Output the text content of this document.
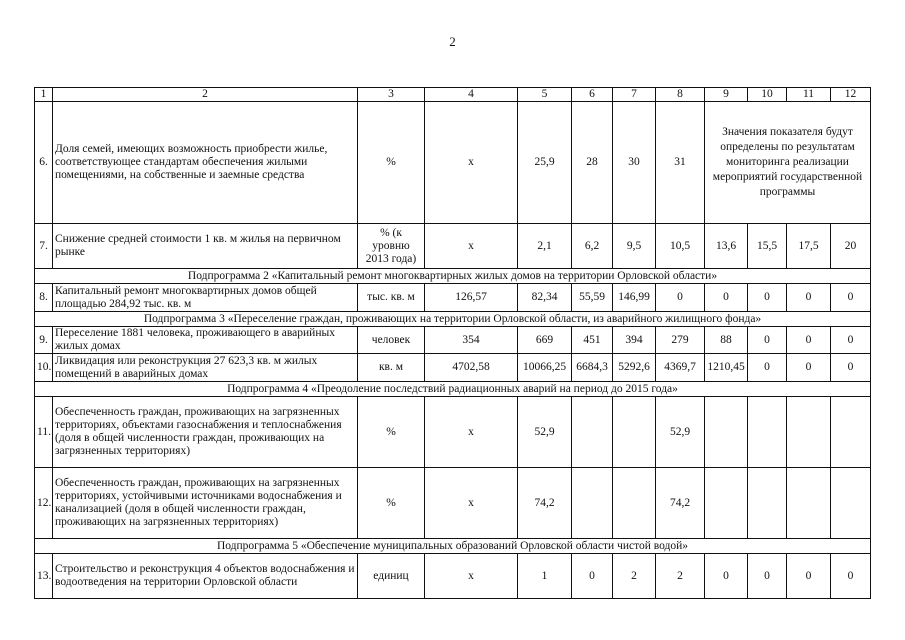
2
1	2	3	4	5	6	7	8	9	10	11	12
6.	Доля семей, имеющих возможность приобрести жилье, соответствующее стандартам обеспечения жилыми помещениями, на собственные и заемные средства	%	х	25,9	28	30	31	Значения показателя будут определены по результатам мониторинга реализации мероприятий государственной программы			
7.	Снижение средней стоимости 1 кв. м жилья на первичном рынке	% (к уровню 2013 года)	х	2,1	6,2	9,5	10,5	13,6	15,5	17,5	20
Подпрограмма 2 «Капитальный ремонт многоквартирных жилых домов на территории Орловской области»											
8.	Капитальный ремонт многоквартирных домов общей площадью 284,92 тыс. кв. м	тыс. кв. м	126,57	82,34	55,59	146,99	0	0	0	0	0
Подпрограмма 3 «Переселение граждан, проживающих на территории Орловской области, из аварийного жилищного фонда»											
9.	Переселение 1881 человека, проживающего в аварийных жилых домах	человек	354	669	451	394	279	88	0	0	0
10.	Ликвидация или реконструкция 27 623,3 кв. м жилых помещений в аварийных домах	кв. м	4702,58	10066,25	6684,3	5292,6	4369,7	1210,45	0	0	0
Подпрограмма 4 «Преодоление последствий радиационных аварий на период до 2015 года»											
11.	Обеспеченность граждан, проживающих на загрязненных территориях, объектами газоснабжения и теплоснабжения (доля в общей численности граждан, проживающих на загрязненных территориях)	%	х	52,9			52,9				
12.	Обеспеченность граждан, проживающих на загрязненных территориях, устойчивыми источниками водоснабжения и канализацией (доля в общей численности граждан, проживающих на загрязненных территориях)	%	х	74,2			74,2				
Подпрограмма 5 «Обеспечение муниципальных образований Орловской области чистой водой»											
13.	Строительство и реконструкция 4 объектов водоснабжения и водоотведения на территории Орловской области	единиц	х	1	0	2	2	0	0	0	0
